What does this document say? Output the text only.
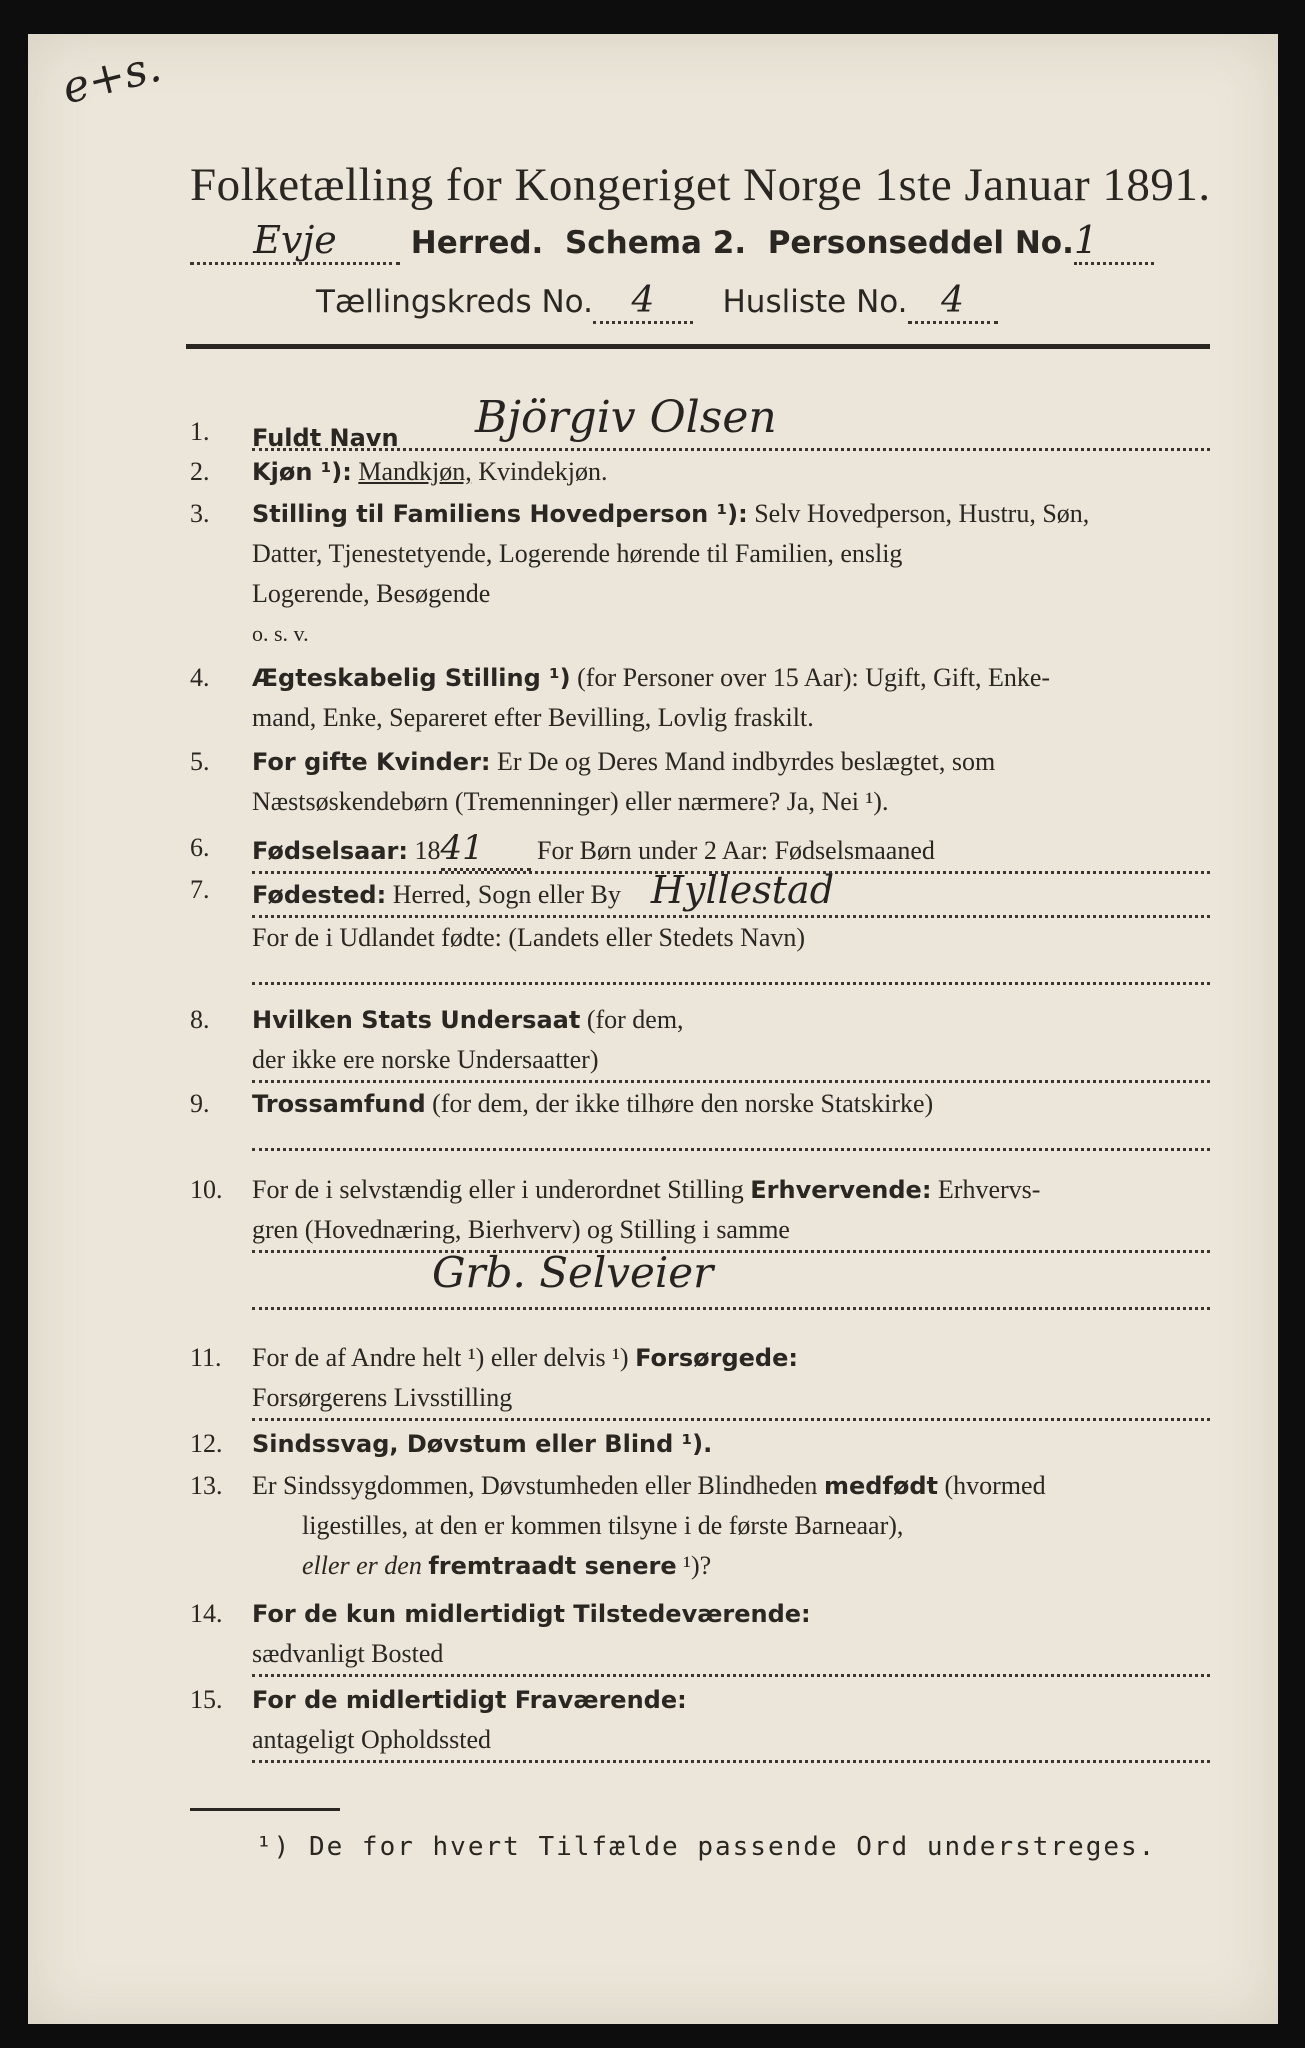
e+s.
Folketælling for Kongeriget Norge 1ste Januar 1891.
Evje Herred. Schema 2. Personseddel No.1
Tællingskreds No. 4 Husliste No. 4
1.	Fuldt Navn Björgiv Olsen
2.	Kjøn ¹): Mandkjøn, Kvindekjøn.
3.	Stilling til Familiens Hovedperson ¹): Selv Hovedperson, Hustru, Søn,
Datter, Tjenestetyende, Logerende hørende til Familien, enslig
Logerende, Besøgende
o. s. v.
4.	Ægteskabelig Stilling ¹) (for Personer over 15 Aar): Ugift, Gift, Enke-
mand, Enke, Separeret efter Bevilling, Lovlig fraskilt.
5.	For gifte Kvinder: Er De og Deres Mand indbyrdes beslægtet, som
Næstsøskendebørn (Tremenninger) eller nærmere? Ja, Nei ¹).
6.	Fødselsaar: 1841 For Børn under 2 Aar: Fødselsmaaned
7.	Fødested: Herred, Sogn eller By Hyllestad
For de i Udlandet fødte: (Landets eller Stedets Navn)
8.	Hvilken Stats Undersaat (for dem,
der ikke ere norske Undersaatter)
9.	Trossamfund (for dem, der ikke tilhøre den norske Statskirke)
10.	For de i selvstændig eller i underordnet Stilling Erhvervende: Erhvervs-
gren (Hovednæring, Bierhverv) og Stilling i samme
Grb. Selveier
11.	For de af Andre helt ¹) eller delvis ¹) Forsørgede:
Forsørgerens Livsstilling
12.	Sindssvag, Døvstum eller Blind ¹).
13.	Er Sindssygdommen, Døvstumheden eller Blindheden medfødt (hvormed
ligestilles, at den er kommen tilsyne i de første Barneaar),
eller er den fremtraadt senere ¹)?
14.	For de kun midlertidigt Tilstedeværende:
sædvanligt Bosted
15.	For de midlertidigt Fraværende:
antageligt Opholdssted
¹) De for hvert Tilfælde passende Ord understreges.
